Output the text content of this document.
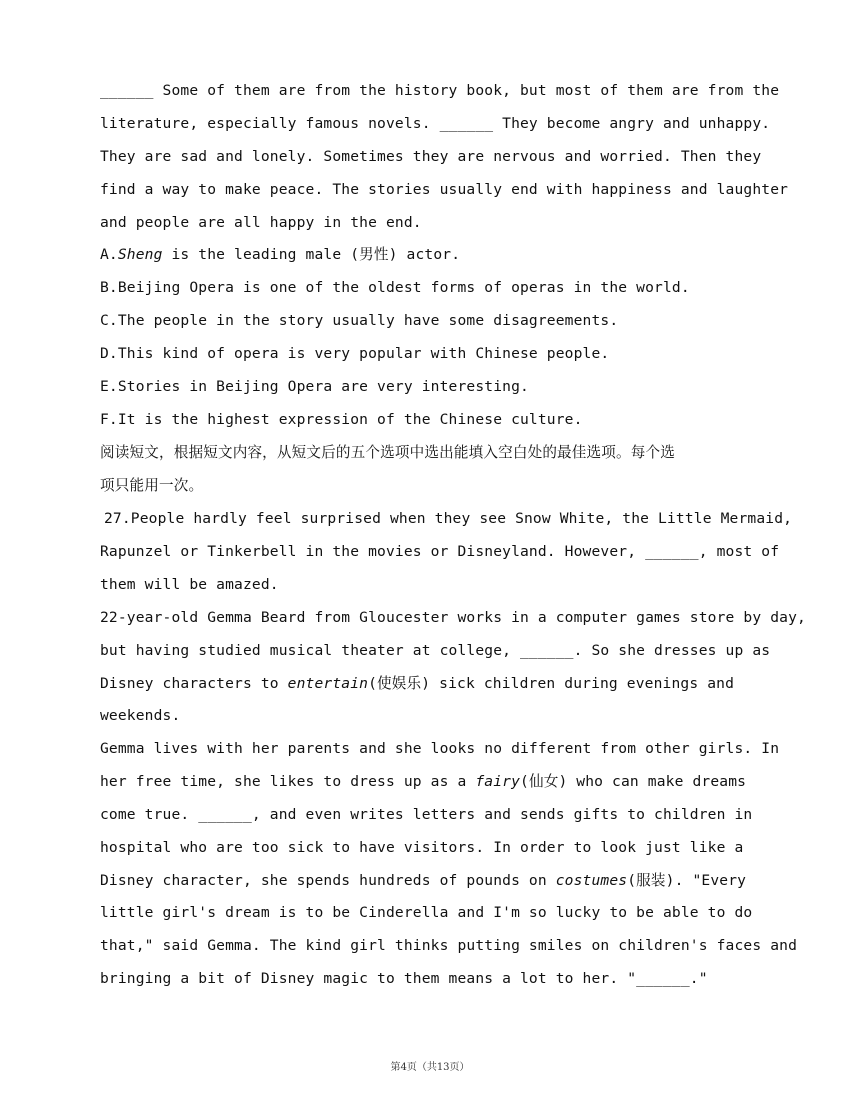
______ Some of them are from the history book, but most of them are from the
literature, especially famous novels. ______ They become angry and unhappy.
They are sad and lonely. Sometimes they are nervous and worried. Then they
find a way to make peace. The stories usually end with happiness and laughter
and people are all happy in the end.
A.Sheng is the leading male (男性) actor.
B.Beijing Opera is one of the oldest forms of operas in the world.
C.The people in the story usually have some disagreements.
D.This kind of opera is very popular with Chinese people.
E.Stories in Beijing Opera are very interesting.
F.It is the highest expression of the Chinese culture.
阅读短文，根据短文内容，从短文后的五个选项中选出能填入空白处的最佳选项。每个选
项只能用一次。
27.People hardly feel surprised when they see Snow White, the Little Mermaid,
Rapunzel or Tinkerbell in the movies or Disneyland. However, ______, most of
them will be amazed.
22-year-old Gemma Beard from Gloucester works in a computer games store by day,
but having studied musical theater at college, ______. So she dresses up as
Disney characters to entertain(使娱乐) sick children during evenings and
weekends.
Gemma lives with her parents and she looks no different from other girls. In
her free time, she likes to dress up as a fairy(仙女) who can make dreams
come true. ______, and even writes letters and sends gifts to children in
hospital who are too sick to have visitors. In order to look just like a
Disney character, she spends hundreds of pounds on costumes(服装). "Every
little girl's dream is to be Cinderella and I'm so lucky to be able to do
that," said Gemma. The kind girl thinks putting smiles on children's faces and
bringing a bit of Disney magic to them means a lot to her. "______."
第4页（共13页）
